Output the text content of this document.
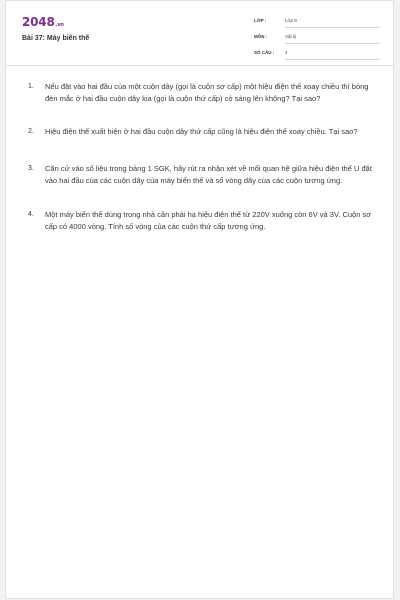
2048.vn
Bài 37: Máy biến thế
LỚP :	Lớp 9
MÔN :	Vật lý
SỐ CÂU : 4
1. Nếu đặt vào hai đầu của một cuộn dây (gọi là cuộn sơ cấp) một hiệu điện thế xoay chiều thì bóng đèn mắc ở hai đầu cuộn dây kia (gọi là cuộn thứ cấp) có sáng lên không? Tại sao?
2. Hiệu điện thế xuất hiện ở hai đầu cuộn dây thứ cấp cũng là hiệu điện thế xoay chiều. Tại sao?
3. Căn cứ vào số liệu trong bảng 1 SGK, hãy rút ra nhận xét về mối quan hệ giữa hiệu điện thế U đặt vào hai đầu của các cuộn dây của máy biến thế và số vòng dây của các cuộn tương ứng.
4. Một máy biến thế dùng trong nhà cần phải hạ hiệu điện thế từ 220V xuống còn 6V và 3V. Cuộn sơ cấp có 4000 vòng. Tính số vòng của các cuộn thứ cấp tương ứng.
